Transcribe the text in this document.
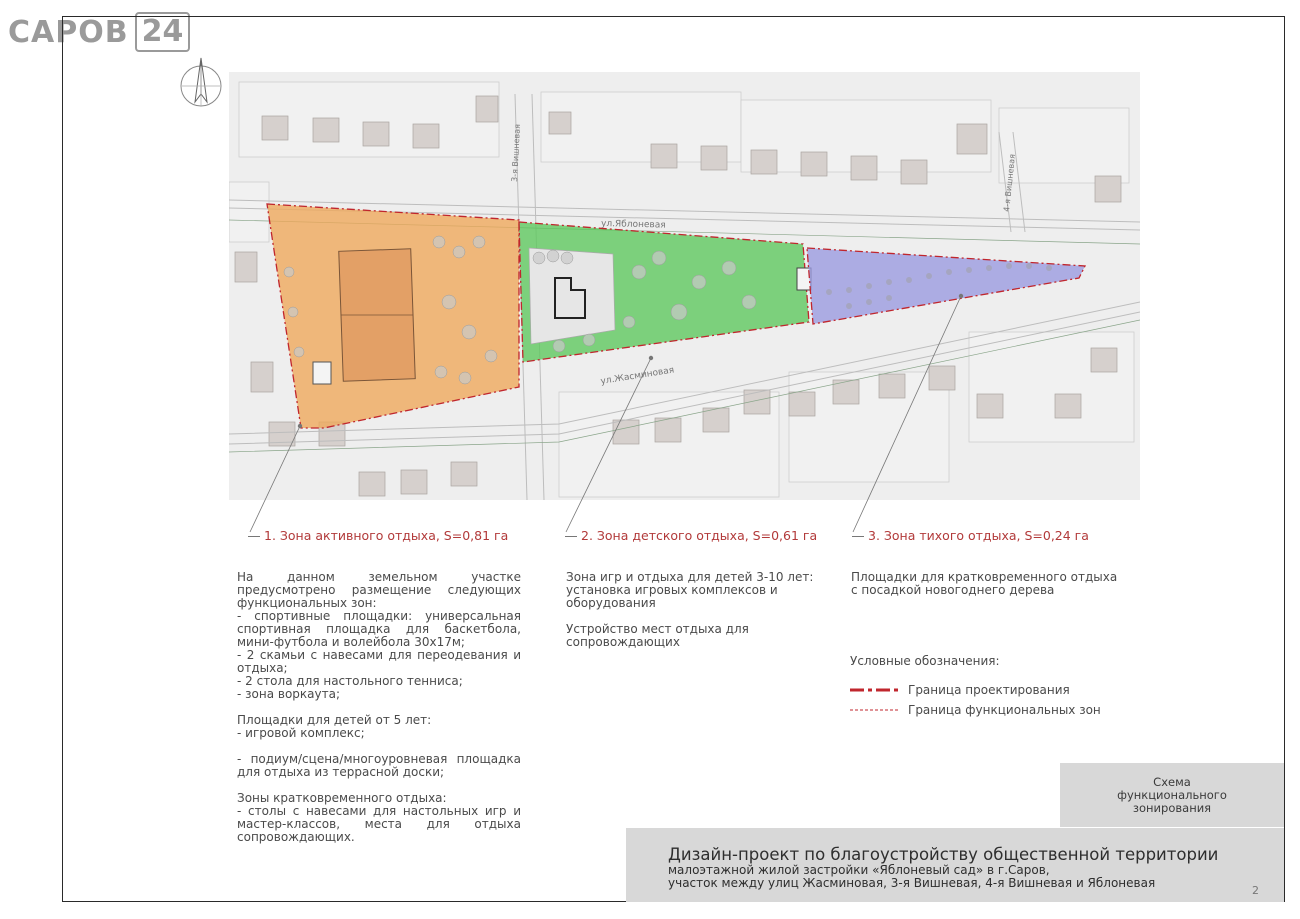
САРОВ 24
ул.Яблоневая
ул.Жасминовая
3-я Вишневая
4-я Вишневая
1. Зона активного отдыха, S=0,81 га	2. Зона детского отдыха, S=0,61 га	3. Зона тихого отдыха, S=0,24 га

На данном земельном участке предусмотрено размещение следующих функциональных зон:
- спортивные площадки: универсальная спортивная площадка для баскетбола, мини-футбола и волейбола 30х17м;
- 2 скамьи с навесами для переодевания и отдыха;
- 2 стола для настольного тенниса;
- зона воркаута;

Площадки для детей от 5 лет:
- игровой комплекс;

- подиум/сцена/многоуровневая площадка для отдыха из террасной доски;

Зоны кратковременного отдыха:
- столы с навесами для настольных игр и мастер-классов, места для отдыха сопровождающих.

Зона игр и отдыха для детей 3-10 лет:
установка игровых комплексов и оборудования

Устройство мест отдыха для сопровождающих

Площадки для кратковременного отдыха с посадкой новогоднего дерева

Условные обозначения:
Граница проектирования
Граница функциональных зон
Схема функционального зонирования
Дизайн-проект по благоустройству общественной территории
малоэтажной жилой застройки «Яблоневый сад» в г.Саров,
участок между улиц Жасминовая, 3-я Вишневая, 4-я Вишневая и Яблоневая
2
